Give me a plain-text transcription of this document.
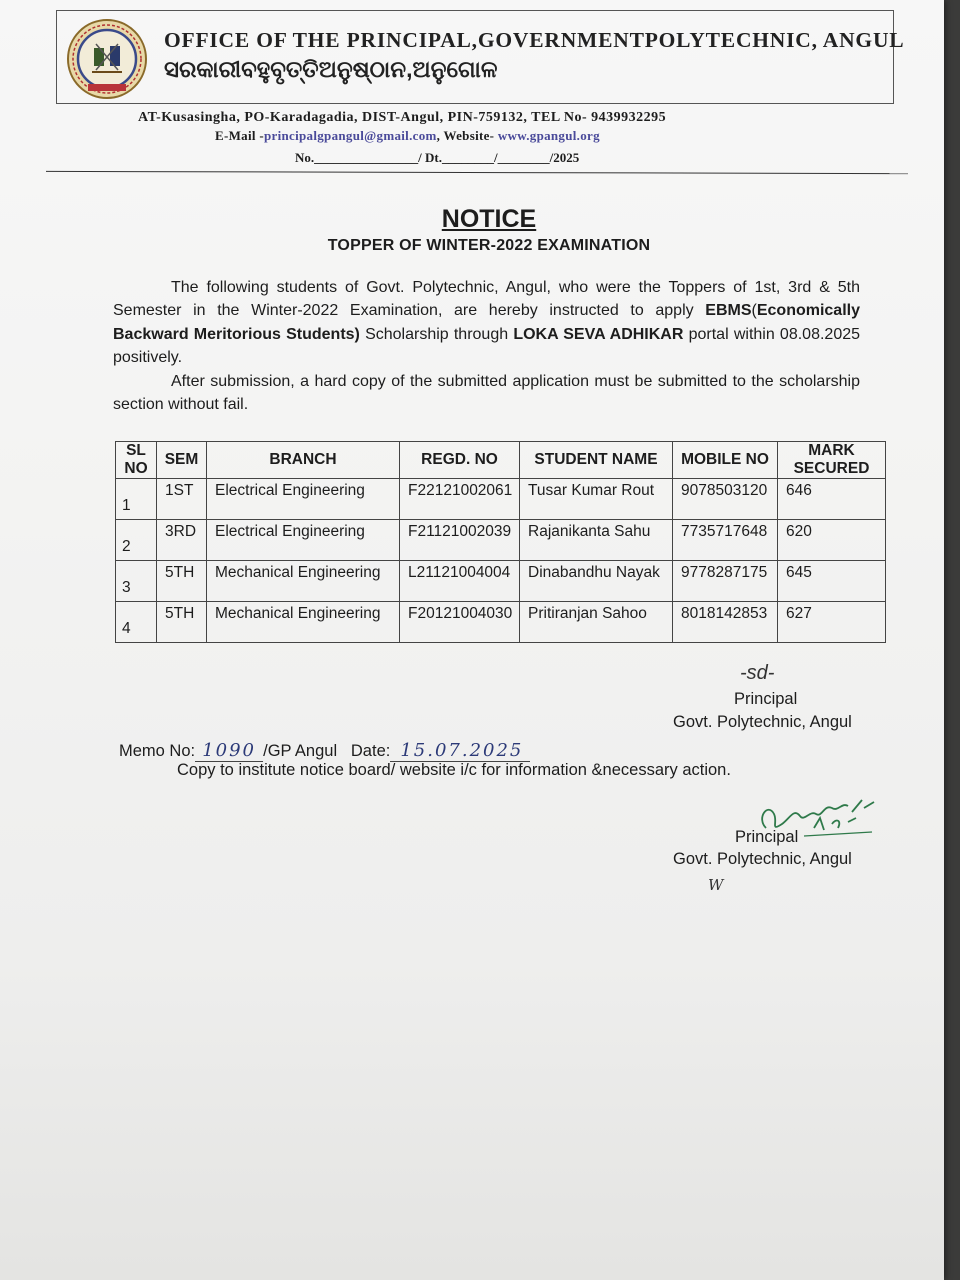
OFFICE OF THE PRINCIPAL,GOVERNMENTPOLYTECHNIC, ANGUL
ସରକାରୀବହୁବୃତ୍ତିଅନୁଷ୍ଠାନ,ଅନୁଗୋଳ
AT-Kusasingha, PO-Karadagadia, DIST-Angul, PIN-759132, TEL No- 9439932295
E-Mail -principalgpangul@gmail.com, Website- www.gpangul.org
No.________________/ Dt.________/________/2025
NOTICE
TOPPER OF WINTER-2022 EXAMINATION

The following students of Govt. Polytechnic, Angul, who were the Toppers of 1st, 3rd & 5th Semester in the Winter-2022 Examination, are hereby instructed to apply EBMS(Economically Backward Meritorious Students) Scholarship through LOKA SEVA ADHIKAR portal within 08.08.2025 positively.

After submission, a hard copy of the submitted application must be submitted to the scholarship section without fail.

SL
NO	SEM	BRANCH	REGD. NO	STUDENT NAME	MOBILE NO	MARK
SECURED
1	1ST	Electrical Engineering	F22121002061	Tusar Kumar Rout	9078503120	646
2	3RD	Electrical Engineering	F21121002039	Rajanikanta Sahu	7735717648	620
3	5TH	Mechanical Engineering	L21121004004	Dinabandhu Nayak	9778287175	645
4	5TH	Mechanical Engineering	F20121004030	Pritiranjan Sahoo	8018142853	627
-sd-
Principal
Govt. Polytechnic, Angul
Memo No: 1090 /GP Angul Date: 15.07.2025
Copy to institute notice board/ website i/c for information &necessary action.
Principal
Govt. Polytechnic, Angul
W
